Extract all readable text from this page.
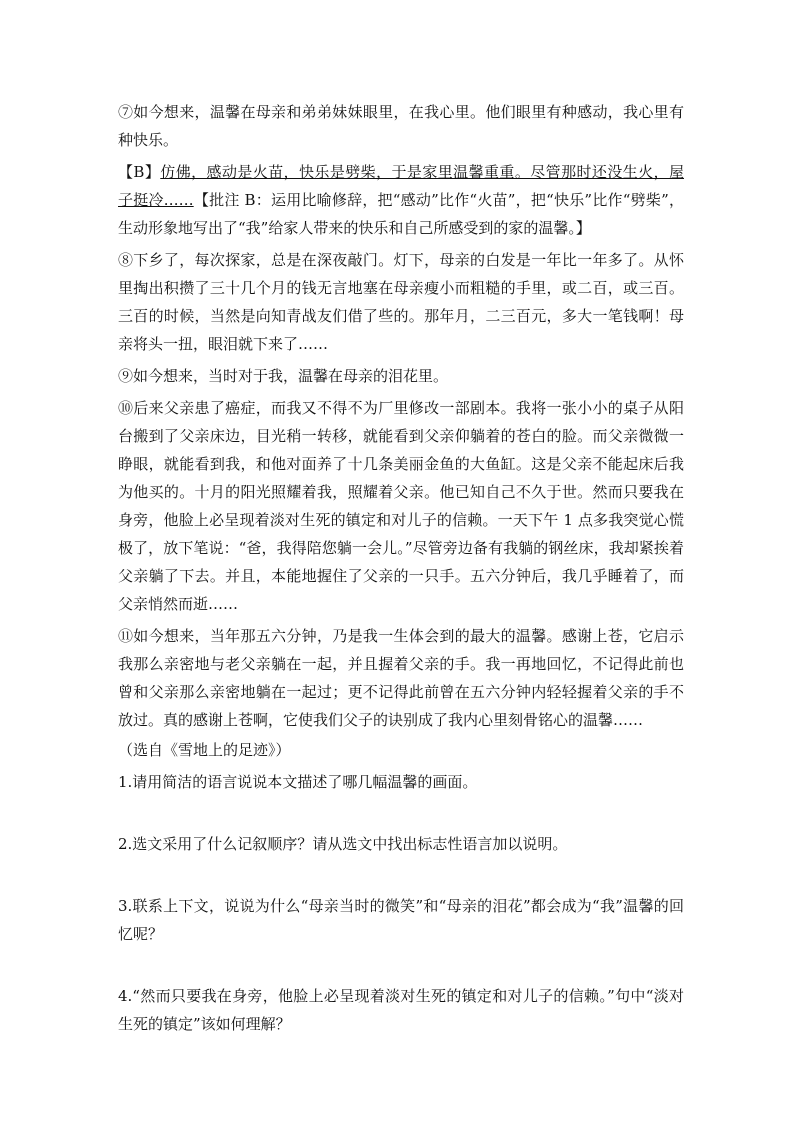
⑦如今想来，温馨在母亲和弟弟妹妹眼里，在我心里。他们眼里有种感动，我心里有种快乐。

【B】仿佛，感动是火苗，快乐是劈柴，于是家里温馨重重。尽管那时还没生火，屋子挺冷……【批注 B：运用比喻修辞，把“感动”比作“火苗”，把“快乐”比作“劈柴”，生动形象地写出了“我”给家人带来的快乐和自己所感受到的家的温馨。】

⑧下乡了，每次探家，总是在深夜敲门。灯下，母亲的白发是一年比一年多了。从怀里掏出积攒了三十几个月的钱无言地塞在母亲瘦小而粗糙的手里，或二百，或三百。三百的时候，当然是向知青战友们借了些的。那年月，二三百元，多大一笔钱啊！母亲将头一扭，眼泪就下来了……

⑨如今想来，当时对于我，温馨在母亲的泪花里。

⑩后来父亲患了癌症，而我又不得不为厂里修改一部剧本。我将一张小小的桌子从阳台搬到了父亲床边，目光稍一转移，就能看到父亲仰躺着的苍白的脸。而父亲微微一睁眼，就能看到我，和他对面养了十几条美丽金鱼的大鱼缸。这是父亲不能起床后我为他买的。十月的阳光照耀着我，照耀着父亲。他已知自己不久于世。然而只要我在身旁，他脸上必呈现着淡对生死的镇定和对儿子的信赖。一天下午 1 点多我突觉心慌极了，放下笔说：“爸，我得陪您躺一会儿。”尽管旁边备有我躺的钢丝床，我却紧挨着父亲躺了下去。并且，本能地握住了父亲的一只手。五六分钟后，我几乎睡着了，而父亲悄然而逝……

⑪如今想来，当年那五六分钟，乃是我一生体会到的最大的温馨。感谢上苍，它启示我那么亲密地与老父亲躺在一起，并且握着父亲的手。我一再地回忆，不记得此前也曾和父亲那么亲密地躺在一起过；更不记得此前曾在五六分钟内轻轻握着父亲的手不放过。真的感谢上苍啊，它使我们父子的诀别成了我内心里刻骨铭心的温馨……

（选自《雪地上的足迹》）

1.请用简洁的语言说说本文描述了哪几幅温馨的画面。

2.选文采用了什么记叙顺序？请从选文中找出标志性语言加以说明。

3.联系上下文，说说为什么“母亲当时的微笑”和“母亲的泪花”都会成为“我”温馨的回忆呢？

4.“然而只要我在身旁，他脸上必呈现着淡对生死的镇定和对儿子的信赖。”句中“淡对生死的镇定”该如何理解？
